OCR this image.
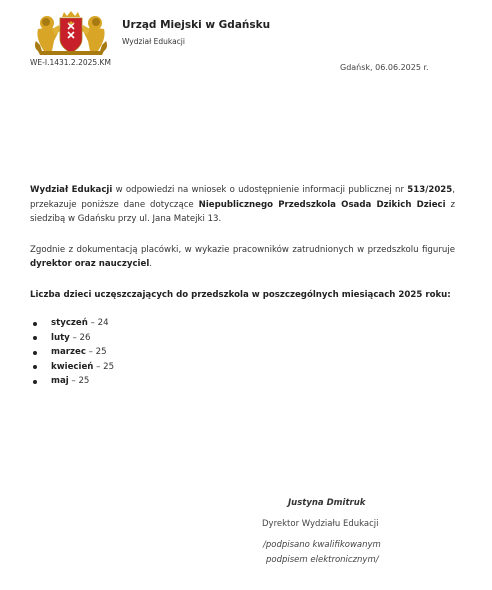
Urząd Miejski w Gdańsku
Wydział Edukacji
WE-I.1431.2.2025.KM
Gdańsk, 06.06.2025 r.

Wydział Edukacji w odpowiedzi na wniosek o udostępnienie informacji publicznej nr 513/2025, przekazuje poniższe dane dotyczące Niepublicznego Przedszkola Osada Dzikich Dzieci z siedzibą w Gdańsku przy ul. Jana Matejki 13.

Zgodnie z dokumentacją placówki, w wykazie pracowników zatrudnionych w przedszkolu figuruje dyrektor oraz nauczyciel.

Liczba dzieci uczęszczających do przedszkola w poszczególnych miesiącach 2025 roku:

styczeń – 24
luty – 26
marzec – 25
kwiecień – 25
maj – 25
Justyna Dmitruk
Dyrektor Wydziału Edukacji
/podpisano kwalifikowanym
podpisem elektronicznym/
